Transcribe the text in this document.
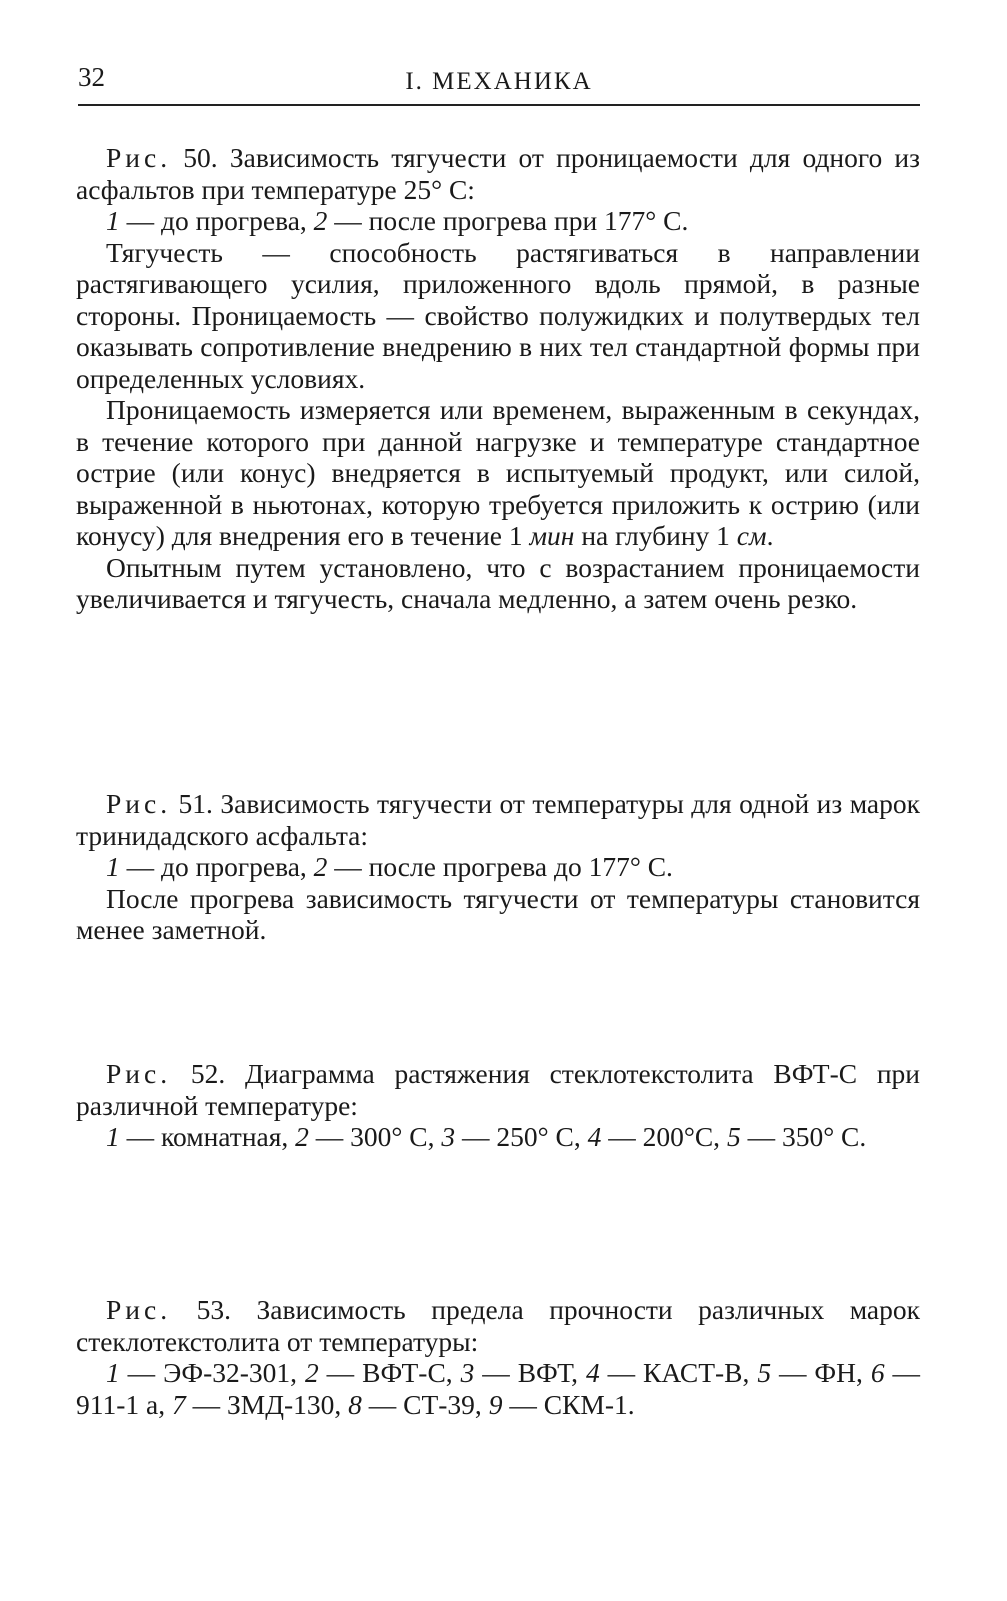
32	I. МЕХАНИКА

Рис. 50. Зависимость тягучести от проницаемости для одного из асфальтов при температуре 25° С:

1 — до прогрева, 2 — после прогрева при 177° С.

Тягучесть — способность растягиваться в направлении растягивающего усилия, приложенного вдоль прямой, в разные стороны. Проницаемость — свойство полужидких и полутвердых тел оказывать сопротивление внедрению в них тел стандартной формы при определенных условиях.

Проницаемость измеряется или временем, выраженным в секундах, в течение которого при данной нагрузке и температуре стандартное острие (или конус) внедряется в испытуемый продукт, или силой, выраженной в ньютонах, которую требуется приложить к острию (или конусу) для внедрения его в течение 1 мин на глубину 1 см.

Опытным путем установлено, что с возрастанием проницаемости увеличивается и тягучесть, сначала медленно, а затем очень резко.

Рис. 51. Зависимость тягучести от температуры для одной из марок тринидадского асфальта:

1 — до прогрева, 2 — после прогрева до 177° С.

После прогрева зависимость тягучести от температуры становится менее заметной.

Рис. 52. Диаграмма растяжения стеклотекстолита ВФТ-С при различной температуре:

1 — комнатная, 2 — 300° С, 3 — 250° С, 4 — 200°С, 5 — 350° С.

Рис. 53. Зависимость предела прочности различных марок стеклотекстолита от температуры:

1 — ЭФ-32-301, 2 — ВФТ-С, 3 — ВФТ, 4 — КАСТ-В, 5 — ФН, 6 — 911-1 а, 7 — ЗМД-130, 8 — СТ-39, 9 — СКМ-1.
